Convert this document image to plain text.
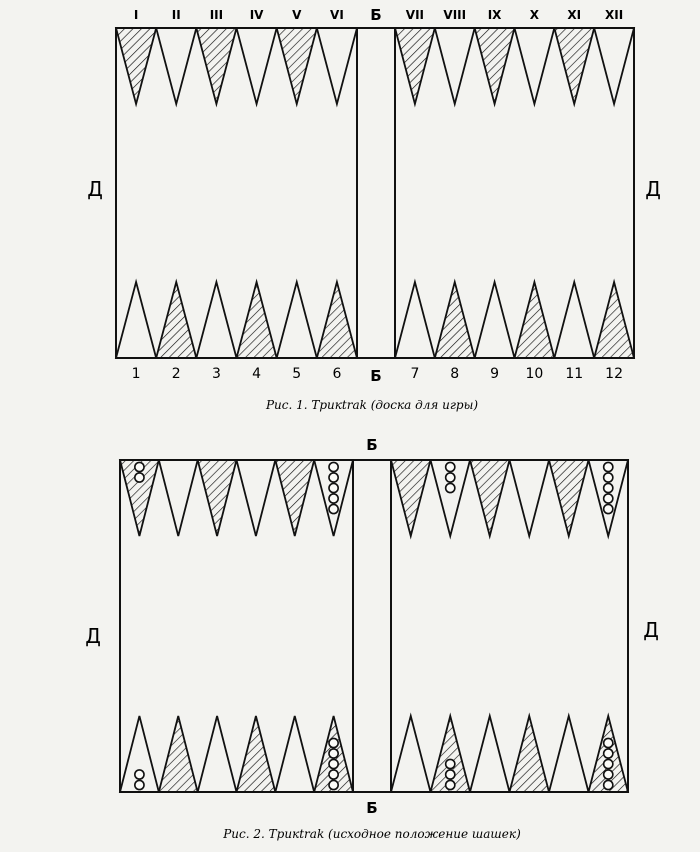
I	II III IV V VI	VII VIII IX X XI XII
1 2 3 4 5 6	7 8 9 10 11 12
Б
Б
Д	Д
Рис. 1. Трикtrak (доска для игры)
Б
Б
Д	Д
Рис. 2. Трикtrak (исходное положение шашек)
